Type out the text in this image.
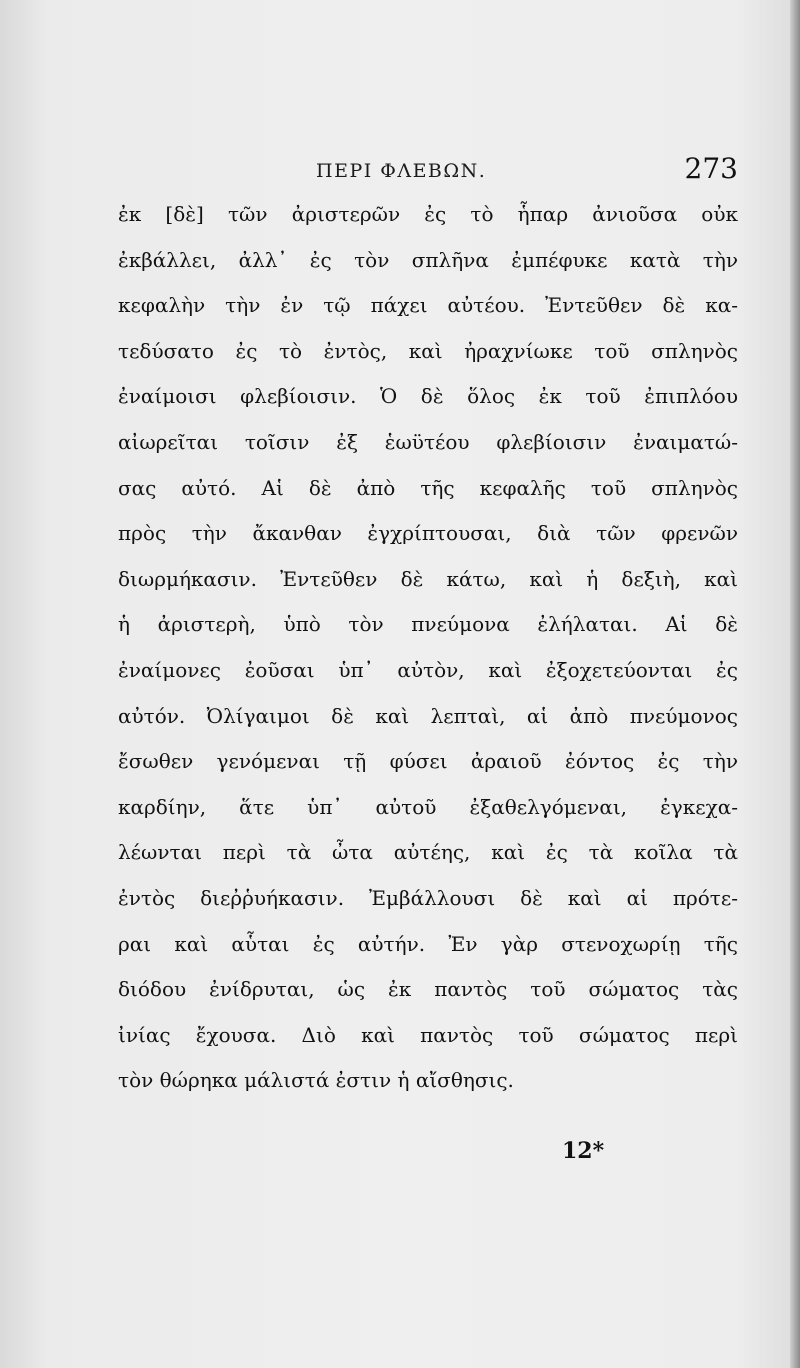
ΠΕΡΙ ΦΛΕΒΩΝ.	273
ἐκ [δὲ] τῶν ἀριστερῶν ἐς τὸ ἧπαρ ἀνιοῦσα οὐκ
ἐκβάλλει, ἀλλ᾽ ἐς τὸν σπλῆνα ἐμπέφυκε κατὰ τὴν
κεφαλὴν τὴν ἐν τῷ πάχει αὐτέου. Ἐντεῦθεν δὲ κα-
τεδύσατο ἐς τὸ ἐντὸς, καὶ ἠραχνίωκε τοῦ σπληνὸς
ἐναίμοισι φλεβίοισιν. Ὁ δὲ ὅλος ἐκ τοῦ ἐπιπλόου
αἰωρεῖται τοῖσιν ἐξ ἑωϋτέου φλεβίοισιν ἐναιματώ-
σας αὐτό. Αἱ δὲ ἀπὸ τῆς κεφαλῆς τοῦ σπληνὸς
πρὸς τὴν ἄκανθαν ἐγχρίπτουσαι, διὰ τῶν φρενῶν
διωρμήκασιν. Ἐντεῦθεν δὲ κάτω, καὶ ἡ δεξιὴ, καὶ
ἡ ἀριστερὴ, ὑπὸ τὸν πνεύμονα ἐλήλαται. Αἱ δὲ
ἐναίμονες ἐοῦσαι ὑπ᾽ αὐτὸν, καὶ ἐξοχετεύονται ἐς
αὐτόν. Ὀλίγαιμοι δὲ καὶ λεπταὶ, αἱ ἀπὸ πνεύμονος
ἔσωθεν γενόμεναι τῇ φύσει ἀραιοῦ ἐόντος ἐς τὴν
καρδίην, ἅτε ὑπ᾽ αὐτοῦ ἐξαθελγόμεναι, ἐγκεχα-
λέωνται περὶ τὰ ὦτα αὐτέης, καὶ ἐς τὰ κοῖλα τὰ
ἐντὸς διεῤῥυήκασιν. Ἐμβάλλουσι δὲ καὶ αἱ πρότε-
ραι καὶ αὗται ἐς αὐτήν. Ἐν γὰρ στενοχωρίῃ τῆς
διόδου ἐνίδρυται, ὡς ἐκ παντὸς τοῦ σώματος τὰς
ἰνίας ἔχουσα. Διὸ καὶ παντὸς τοῦ σώματος περὶ
τὸν θώρηκα μάλιστά ἐστιν ἡ αἴσθησις.
12*
